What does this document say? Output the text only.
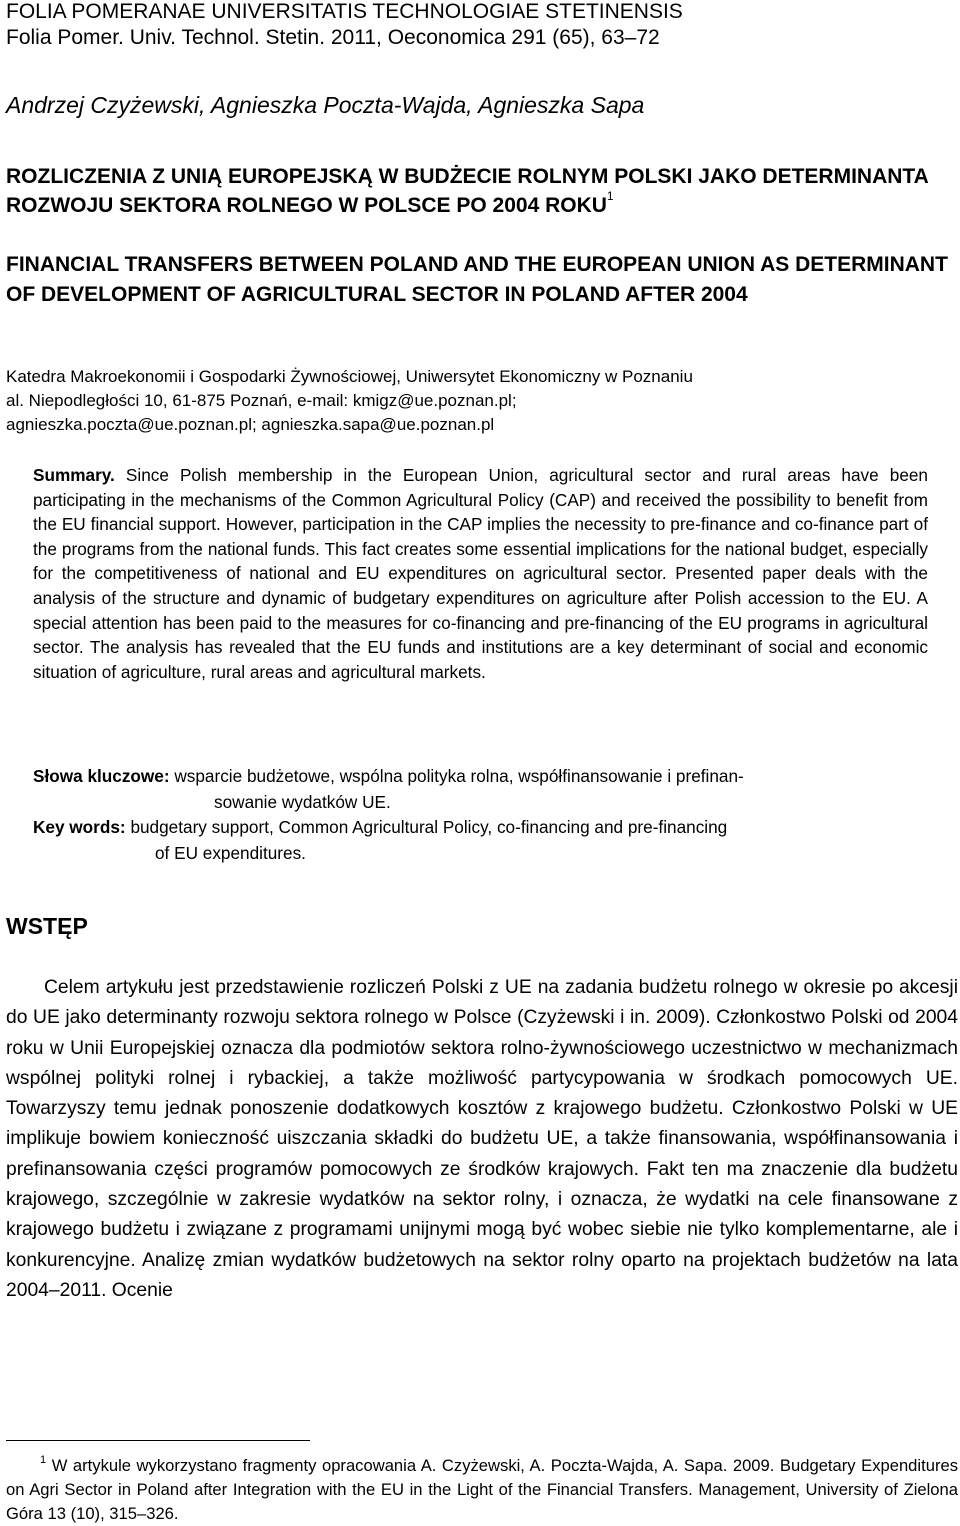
FOLIA POMERANAE UNIVERSITATIS TECHNOLOGIAE STETINENSIS
Folia Pomer. Univ. Technol. Stetin. 2011, Oeconomica 291 (65), 63–72
Andrzej Czyżewski, Agnieszka Poczta-Wajda, Agnieszka Sapa
ROZLICZENIA Z UNIĄ EUROPEJSKĄ W BUDŻECIE ROLNYM POLSKI JAKO DETERMINANTA ROZWOJU SEKTORA ROLNEGO W POLSCE PO 2004 ROKU$^1$
FINANCIAL TRANSFERS BETWEEN POLAND AND THE EUROPEAN UNION AS DETERMINANT OF DEVELOPMENT OF AGRICULTURAL SECTOR IN POLAND AFTER 2004
Katedra Makroekonomii i Gospodarki Żywnościowej, Uniwersytet Ekonomiczny w Poznaniu
al. Niepodległości 10, 61-875 Poznań, e-mail: kmigz@ue.poznan.pl;
agnieszka.poczta@ue.poznan.pl; agnieszka.sapa@ue.poznan.pl
Summary. Since Polish membership in the European Union, agricultural sector and rural areas have been participating in the mechanisms of the Common Agricultural Policy (CAP) and received the possibility to benefit from the EU financial support. However, participation in the CAP implies the necessity to pre-finance and co-finance part of the programs from the national funds. This fact creates some essential implications for the national budget, especially for the competitiveness of national and EU expenditures on agricultural sector. Presented paper deals with the analysis of the structure and dynamic of budgetary expenditures on agriculture after Polish accession to the EU. A special attention has been paid to the measures for co-financing and pre-financing of the EU programs in agricultural sector. The analysis has revealed that the EU funds and institutions are a key determinant of social and economic situation of agriculture, rural areas and agricultural markets.
Słowa kluczowe: wsparcie budżetowe, wspólna polityka rolna, współfinansowanie i prefinan-
sowanie wydatków UE.
Key words: budgetary support, Common Agricultural Policy, co-financing and pre-financing
of EU expenditures.
WSTĘP
Celem artykułu jest przedstawienie rozliczeń Polski z UE na zadania budżetu rolnego w okresie po akcesji do UE jako determinanty rozwoju sektora rolnego w Polsce (Czyżewski i in. 2009). Członkostwo Polski od 2004 roku w Unii Europejskiej oznacza dla podmiotów sektora rolno-żywnościowego uczestnictwo w mechanizmach wspólnej polityki rolnej i rybackiej, a także możliwość partycypowania w środkach pomocowych UE. Towarzyszy temu jednak ponoszenie dodatkowych kosztów z krajowego budżetu. Członkostwo Polski w UE implikuje bowiem konieczność uiszczania składki do budżetu UE, a także finansowania, współfinansowania i prefinansowania części programów pomocowych ze środków krajowych. Fakt ten ma znaczenie dla budżetu krajowego, szczególnie w zakresie wydatków na sektor rolny, i oznacza, że wydatki na cele finansowane z krajowego budżetu i związane z programami unijnymi mogą być wobec siebie nie tylko komplementarne, ale i konkurencyjne. Analizę zmian wydatków budżetowych na sektor rolny oparto na projektach budżetów na lata 2004–2011. Ocenie
$^1$ W artykule wykorzystano fragmenty opracowania A. Czyżewski, A. Poczta-Wajda, A. Sapa. 2009. Budgetary Expenditures on Agri Sector in Poland after Integration with the EU in the Light of the Financial Transfers. Management, University of Zielona Góra 13 (10), 315–326.
